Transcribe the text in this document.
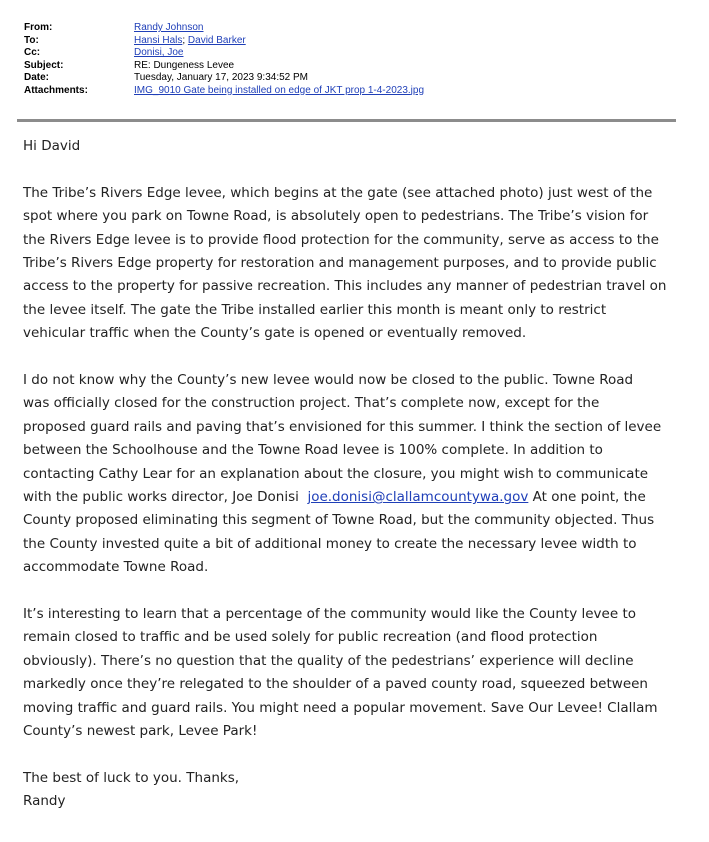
From:	Randy Johnson
To:	Hansi Hals; David Barker
Cc:	Donisi, Joe
Subject:	RE: Dungeness Levee
Date:	Tuesday, January 17, 2023 9:34:52 PM
Attachments:	IMG_9010 Gate being installed on edge of JKT prop 1-4-2023.jpg

Hi David

The Tribe’s Rivers Edge levee, which begins at the gate (see attached photo) just west of the

spot where you park on Towne Road, is absolutely open to pedestrians. The Tribe’s vision for

the Rivers Edge levee is to provide flood protection for the community, serve as access to the

Tribe’s Rivers Edge property for restoration and management purposes, and to provide public

access to the property for passive recreation. This includes any manner of pedestrian travel on

the levee itself. The gate the Tribe installed earlier this month is meant only to restrict

vehicular traffic when the County’s gate is opened or eventually removed.

I do not know why the County’s new levee would now be closed to the public. Towne Road

was officially closed for the construction project. That’s complete now, except for the

proposed guard rails and paving that’s envisioned for this summer. I think the section of levee

between the Schoolhouse and the Towne Road levee is 100% complete. In addition to

contacting Cathy Lear for an explanation about the closure, you might wish to communicate

with the public works director, Joe Donisi  joe.donisi@clallamcountywa.gov At one point, the

County proposed eliminating this segment of Towne Road, but the community objected. Thus

the County invested quite a bit of additional money to create the necessary levee width to

accommodate Towne Road.

It’s interesting to learn that a percentage of the community would like the County levee to

remain closed to traffic and be used solely for public recreation (and flood protection

obviously). There’s no question that the quality of the pedestrians’ experience will decline

markedly once they’re relegated to the shoulder of a paved county road, squeezed between

moving traffic and guard rails. You might need a popular movement. Save Our Levee! Clallam

County’s newest park, Levee Park!

The best of luck to you. Thanks,

Randy
